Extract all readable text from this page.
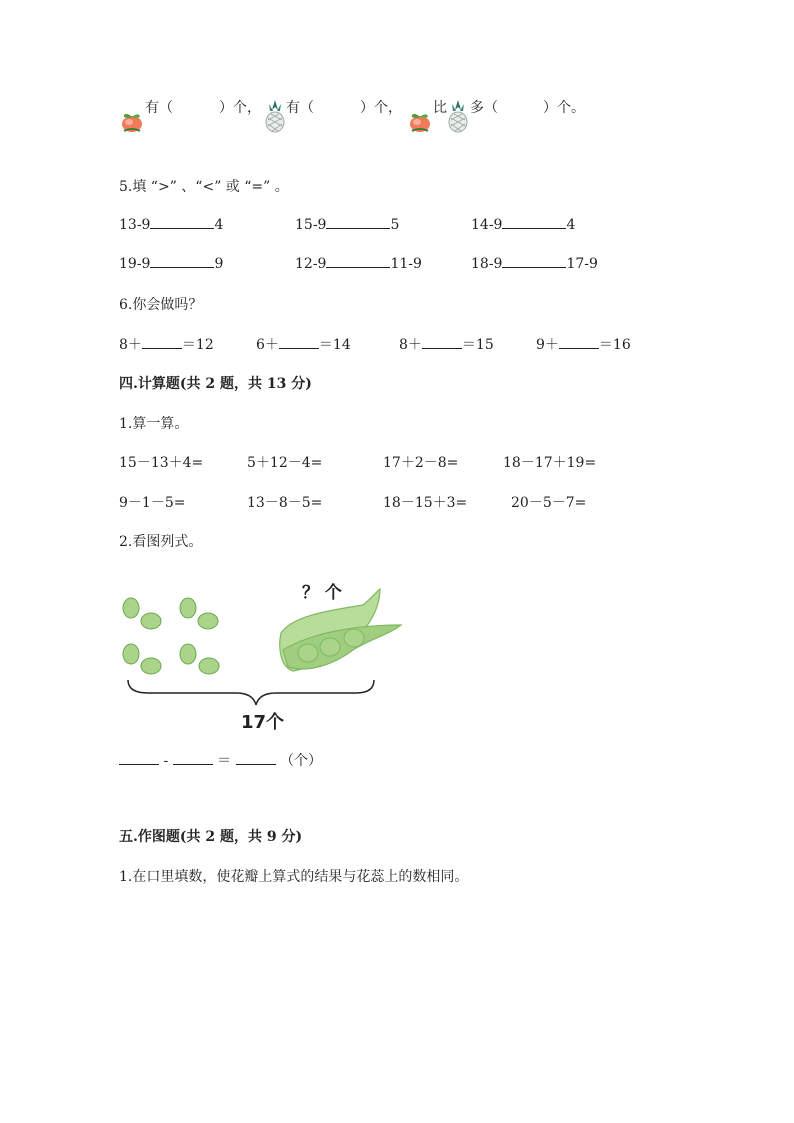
有（	）个， 有（	）个， 比 多（	）个。
5.填 “>” 、“<” 或 “=” 。
13-9	4	15-9	5	14-9	4
19-9	9	12-9	11-9	18-9	17-9
6.你会做吗？
8＋	＝12	6＋	＝14	8＋	＝15	9＋	＝16
四.计算题(共 2 题，共 13 分)
1.算一算。
15－13＋4=	5＋12－4=	17＋2－8=	18－17＋19=
9－1－5=	13－8－5=	18－15＋3=	20－5－7=
2.看图列式。
？ 个
17个
-	＝	（个）
五.作图题(共 2 题，共 9 分)
1.在口里填数，使花瓣上算式的结果与花蕊上的数相同。
